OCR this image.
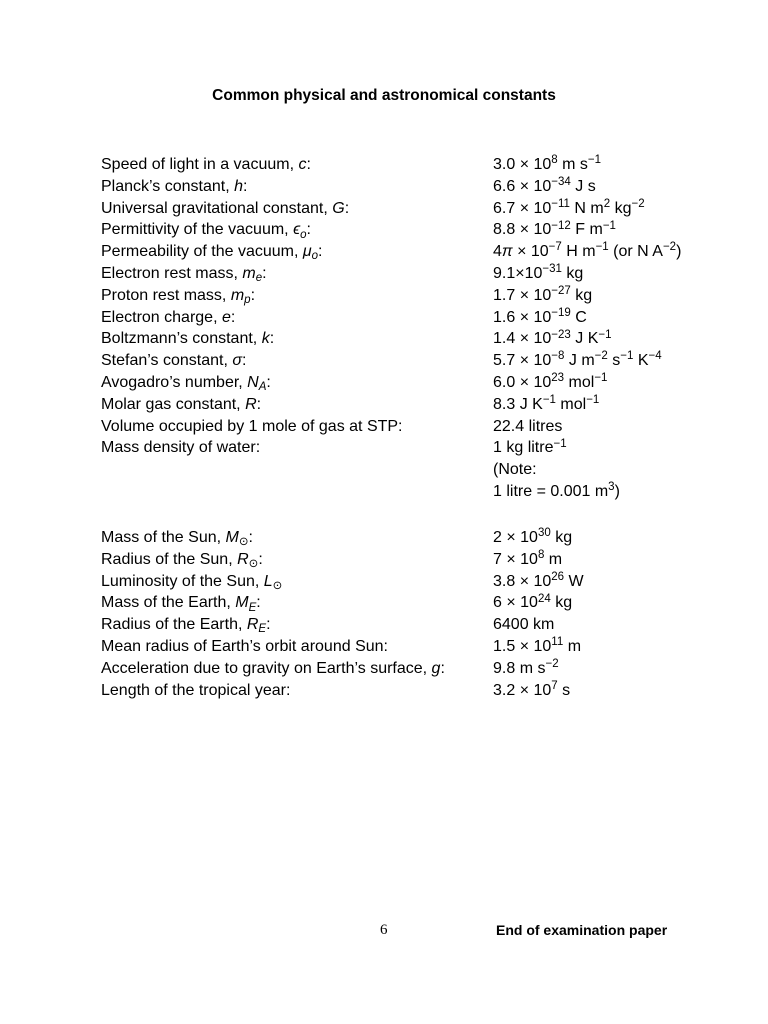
Common physical and astronomical constants
Speed of light in a vacuum, c:	$3.0 \times 10^8$ m $s^{-1}$
Planck’s constant, h:	$6.6 \times 10^{-34}$ J s
Universal gravitational constant, G:	$6.7 \times 10^{-11}$ N $m^2$ $kg^{-2}$
Permittivity of the vacuum, $\epsilon_o$:	$8.8 \times 10^{-12}$ F $m^{-1}$
Permeability of the vacuum, $\mu_o$:	$4\pi \times 10^{-7}$ H $m^{-1}$ (or N $A^{-2}$)
Electron rest mass, $m_e$:	$9.1\times 10^{-31}$ kg
Proton rest mass, $m_p$:	$1.7 \times 10^{-27}$ kg
Electron charge, e:	$1.6 \times 10^{-19}$ C
Boltzmann’s constant, k:	$1.4 \times 10^{-23}$ J $K^{-1}$
Stefan’s constant, σ:	$5.7 \times 10^{-8}$ J $m^{-2}$ $s^{-1}$ $K^{-4}$
Avogadro’s number, $N_A$:	$6.0 \times 10^{23}$ mol$^{-1}$
Molar gas constant, R:	8.3 J $K^{-1}$ mol$^{-1}$
Volume occupied by 1 mole of gas at STP:	22.4 litres
Mass density of water:	1 kg litre$^{-1}$
(Note:
1 litre = 0.001 $m^3$)
Mass of the Sun, $M_⊙$:	$2 \times 10^{30}$ kg
Radius of the Sun, $R_⊙$:	$7 \times 10^8$ m
Luminosity of the Sun, $L_⊙$	$3.8 \times 10^{26}$ W
Mass of the Earth, $M_E$:	$6 \times 10^{24}$ kg
Radius of the Earth, $R_E$:	6400 km
Mean radius of Earth’s orbit around Sun:	$1.5 \times 10^{11}$ m
Acceleration due to gravity on Earth’s surface, g:	9.8 m $s^{-2}$
Length of the tropical year:	$3.2 \times 10^7$ s
6	End of examination paper
